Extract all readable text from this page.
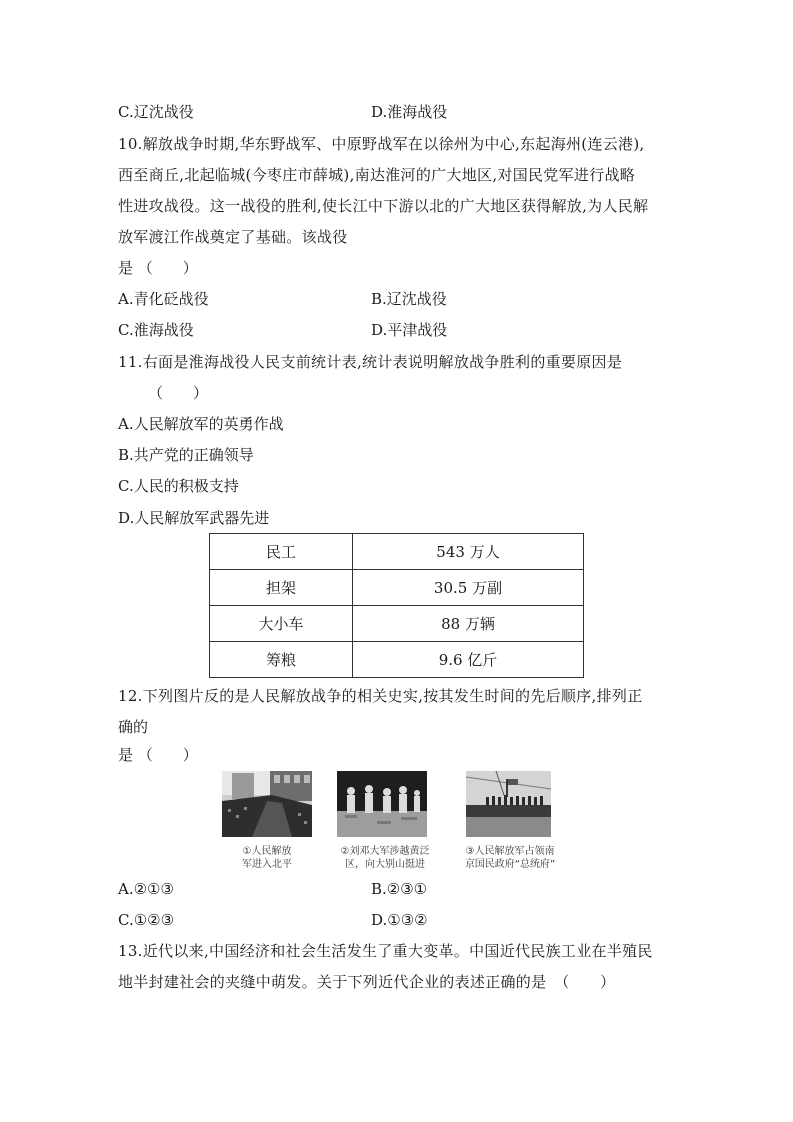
C.辽沈战役	D.淮海战役
10.解放战争时期,华东野战军、中原野战军在以徐州为中心,东起海州(连云港),
西至商丘,北起临城(今枣庄市薛城),南达淮河的广大地区,对国民党军进行战略
性进攻战役。这一战役的胜利,使长江中下游以北的广大地区获得解放,为人民解
放军渡江作战奠定了基础。该战役
是 （　　）
A.青化砭战役	B.辽沈战役
C.淮海战役	D.平津战役
11.右面是淮海战役人民支前统计表,统计表说明解放战争胜利的重要原因是
（　　）
A.人民解放军的英勇作战
B.共产党的正确领导
C.人民的积极支持
D.人民解放军武器先进
民工	543 万人
担架	30.5 万副
大小车	88 万辆
筹粮	9.6 亿斤
12.下列图片反的是人民解放战争的相关史实,按其发生时间的先后顺序,排列正
确的
是 （　　）
①人民解放
军进入北平
②刘邓大军涉越黄泛
区，向大别山挺进
③人民解放军占领南
京国民政府“总统府”
A.②①③	B.②③①
C.①②③	D.①③②
13.近代以来,中国经济和社会生活发生了重大变革。中国近代民族工业在半殖民
地半封建社会的夹缝中萌发。关于下列近代企业的表述正确的是　（　　）
